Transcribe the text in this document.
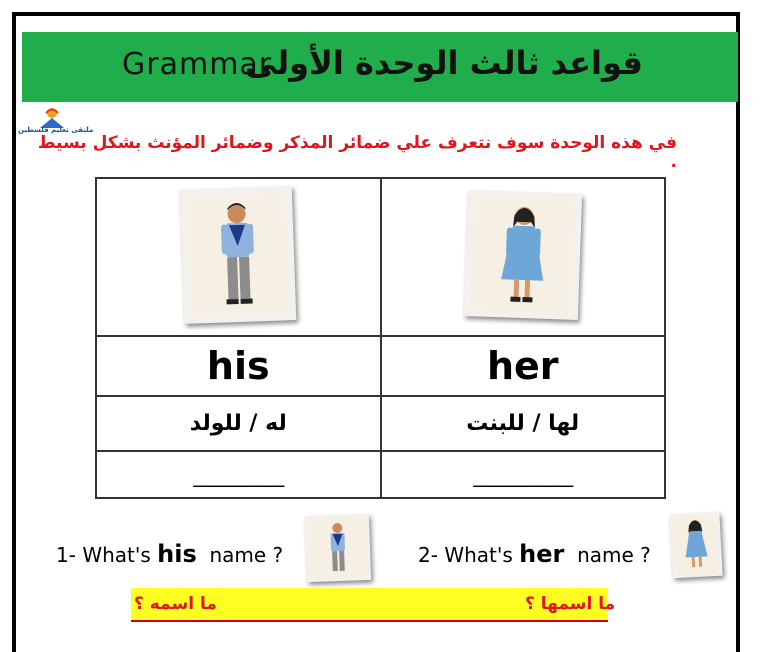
Grammar
قواعد ثالث الوحدة الأولى
ملتقى تعليم فلسطين
في هذه الوحدة سوف نتعرف علي ضمائر المذكر وضمائر المؤنث بشكل بسيط .

his	her
له / للولد	لها / للبنت
__________	___________
1- What's his name ?	2- What's her name ?
ما اسمه ؟	ما اسمها ؟
